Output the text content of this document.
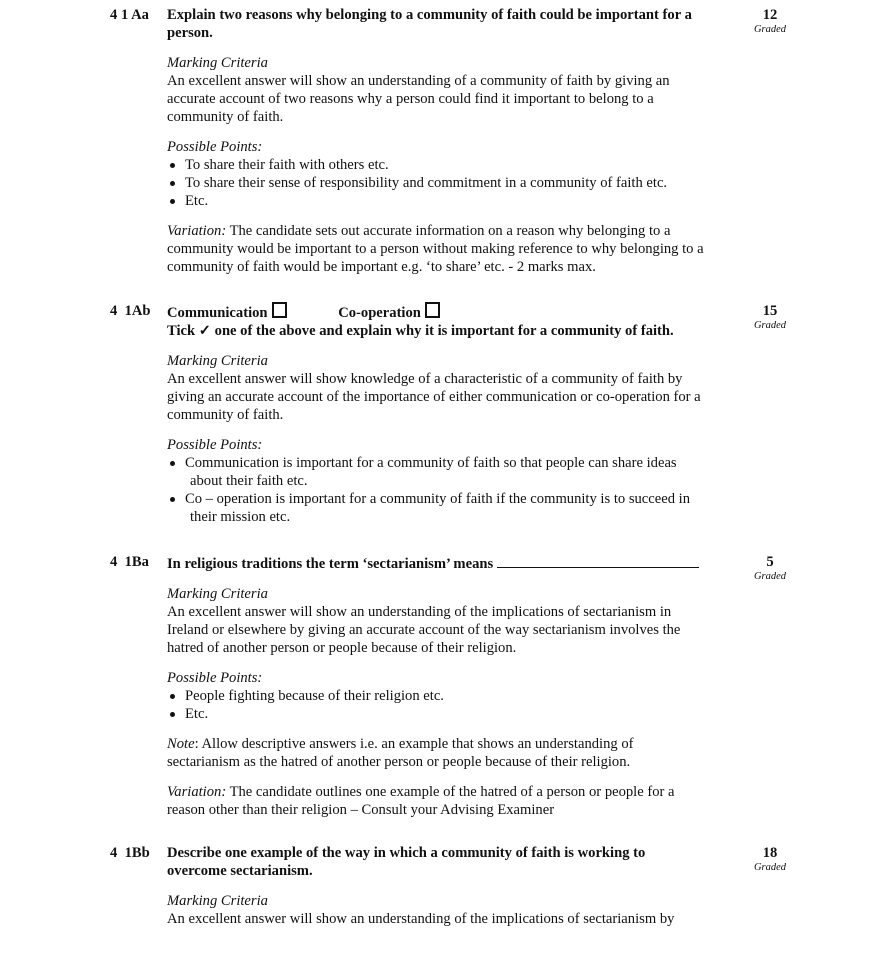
4 1 Aa Explain two reasons why belonging to a community of faith could be important for a
person.
Marking Criteria
An excellent answer will show an understanding of a community of faith by giving an
accurate account of two reasons why a person could find it important to belong to a
community of faith.
Possible Points:
To share their faith with others etc.
To share their sense of responsibility and commitment in a community of faith etc.
Etc.
Variation: The candidate sets out accurate information on a reason why belonging to a
community would be important to a person without making reference to why belonging to a
community of faith would be important e.g. ‘to share’ etc. - 2 marks max.
12
Graded
4  1Ab Communication	Co-operation
Tick ✓ one of the above and explain why it is important for a community of faith.
Marking Criteria
An excellent answer will show knowledge of a characteristic of a community of faith by
giving an accurate account of the importance of either communication or co-operation for a
community of faith.
Possible Points:
Communication is important for a community of faith so that people can share ideas
about their faith etc.
Co – operation is important for a community of faith if the community is to succeed in
their mission etc.
15
Graded
4  1Ba In religious traditions the term ‘sectarianism’ means
Marking Criteria
An excellent answer will show an understanding of the implications of sectarianism in
Ireland or elsewhere by giving an accurate account of the way sectarianism involves the
hatred of another person or people because of their religion.
Possible Points:
People fighting because of their religion etc.
Etc.
Note: Allow descriptive answers i.e. an example that shows an understanding of
sectarianism as the hatred of another person or people because of their religion.
Variation: The candidate outlines one example of the hatred of a person or people for a
reason other than their religion – Consult your Advising Examiner
5
Graded
4  1Bb Describe one example of the way in which a community of faith is working to
overcome sectarianism.
Marking Criteria
An excellent answer will show an understanding of the implications of sectarianism by
18
Graded
